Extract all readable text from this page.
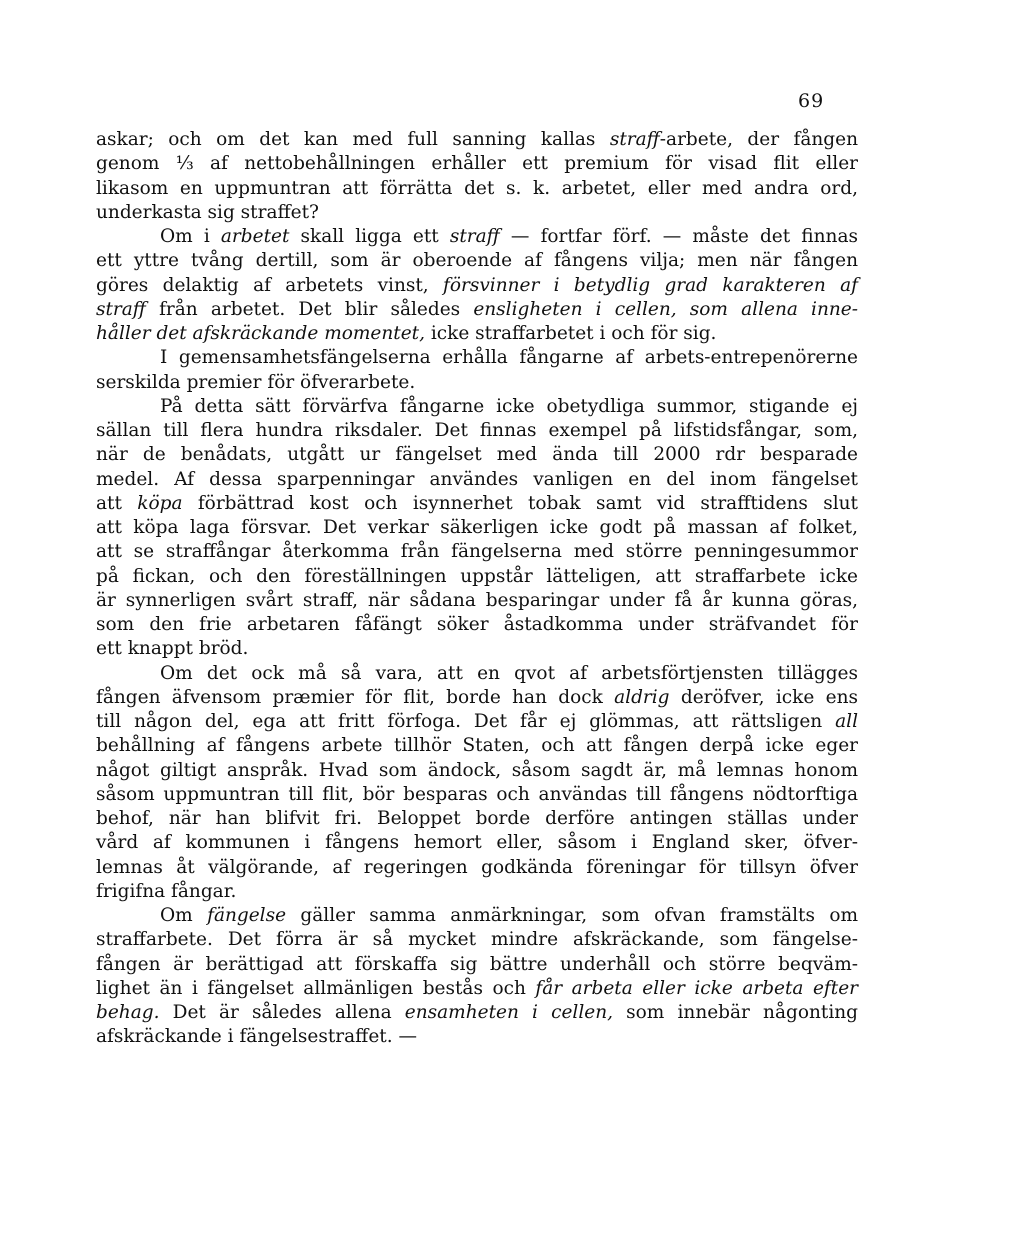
69
askar; och om det kan med full sanning kallas straff-arbete, der fången
genom ⅓ af nettobehållningen erhåller ett premium för visad flit eller
likasom en uppmuntran att förrätta det s. k. arbetet, eller med andra ord,
underkasta sig straffet?
Om i arbetet skall ligga ett straff — fortfar förf. — måste det finnas
ett yttre tvång dertill, som är oberoende af fångens vilja; men när fången
göres delaktig af arbetets vinst, försvinner i betydlig grad karakteren af
straff från arbetet. Det blir således ensligheten i cellen, som allena inne-
håller det afskräckande momentet, icke straffarbetet i och för sig.
I gemensamhetsfängelserna erhålla fångarne af arbets-entrepenörerne
serskilda premier för öfverarbete.
På detta sätt förvärfva fångarne icke obetydliga summor, stigande ej
sällan till flera hundra riksdaler. Det finnas exempel på lifstidsfångar, som,
när de benådats, utgått ur fängelset med ända till 2000 rdr besparade
medel. Af dessa sparpenningar användes vanligen en del inom fängelset
att köpa förbättrad kost och isynnerhet tobak samt vid strafftidens slut
att köpa laga försvar. Det verkar säkerligen icke godt på massan af folket,
att se straffångar återkomma från fängelserna med större penningesummor
på fickan, och den föreställningen uppstår lätteligen, att straffarbete icke
är synnerligen svårt straff, när sådana besparingar under få år kunna göras,
som den frie arbetaren fåfängt söker åstadkomma under sträfvandet för
ett knappt bröd.
Om det ock må så vara, att en qvot af arbetsförtjensten tillägges
fången äfvensom præmier för flit, borde han dock aldrig deröfver, icke ens
till någon del, ega att fritt förfoga. Det får ej glömmas, att rättsligen all
behållning af fångens arbete tillhör Staten, och att fången derpå icke eger
något giltigt anspråk. Hvad som ändock, såsom sagdt är, må lemnas honom
såsom uppmuntran till flit, bör besparas och användas till fångens nödtorftiga
behof, när han blifvit fri. Beloppet borde derföre antingen ställas under
vård af kommunen i fångens hemort eller, såsom i England sker, öfver-
lemnas åt välgörande, af regeringen godkända föreningar för tillsyn öfver
frigifna fångar.
Om fängelse gäller samma anmärkningar, som ofvan framstälts om
straffarbete. Det förra är så mycket mindre afskräckande, som fängelse-
fången är berättigad att förskaffa sig bättre underhåll och större beqväm-
lighet än i fängelset allmänligen bestås och får arbeta eller icke arbeta efter
behag. Det är således allena ensamheten i cellen, som innebär någonting
afskräckande i fängelsestraffet. —
